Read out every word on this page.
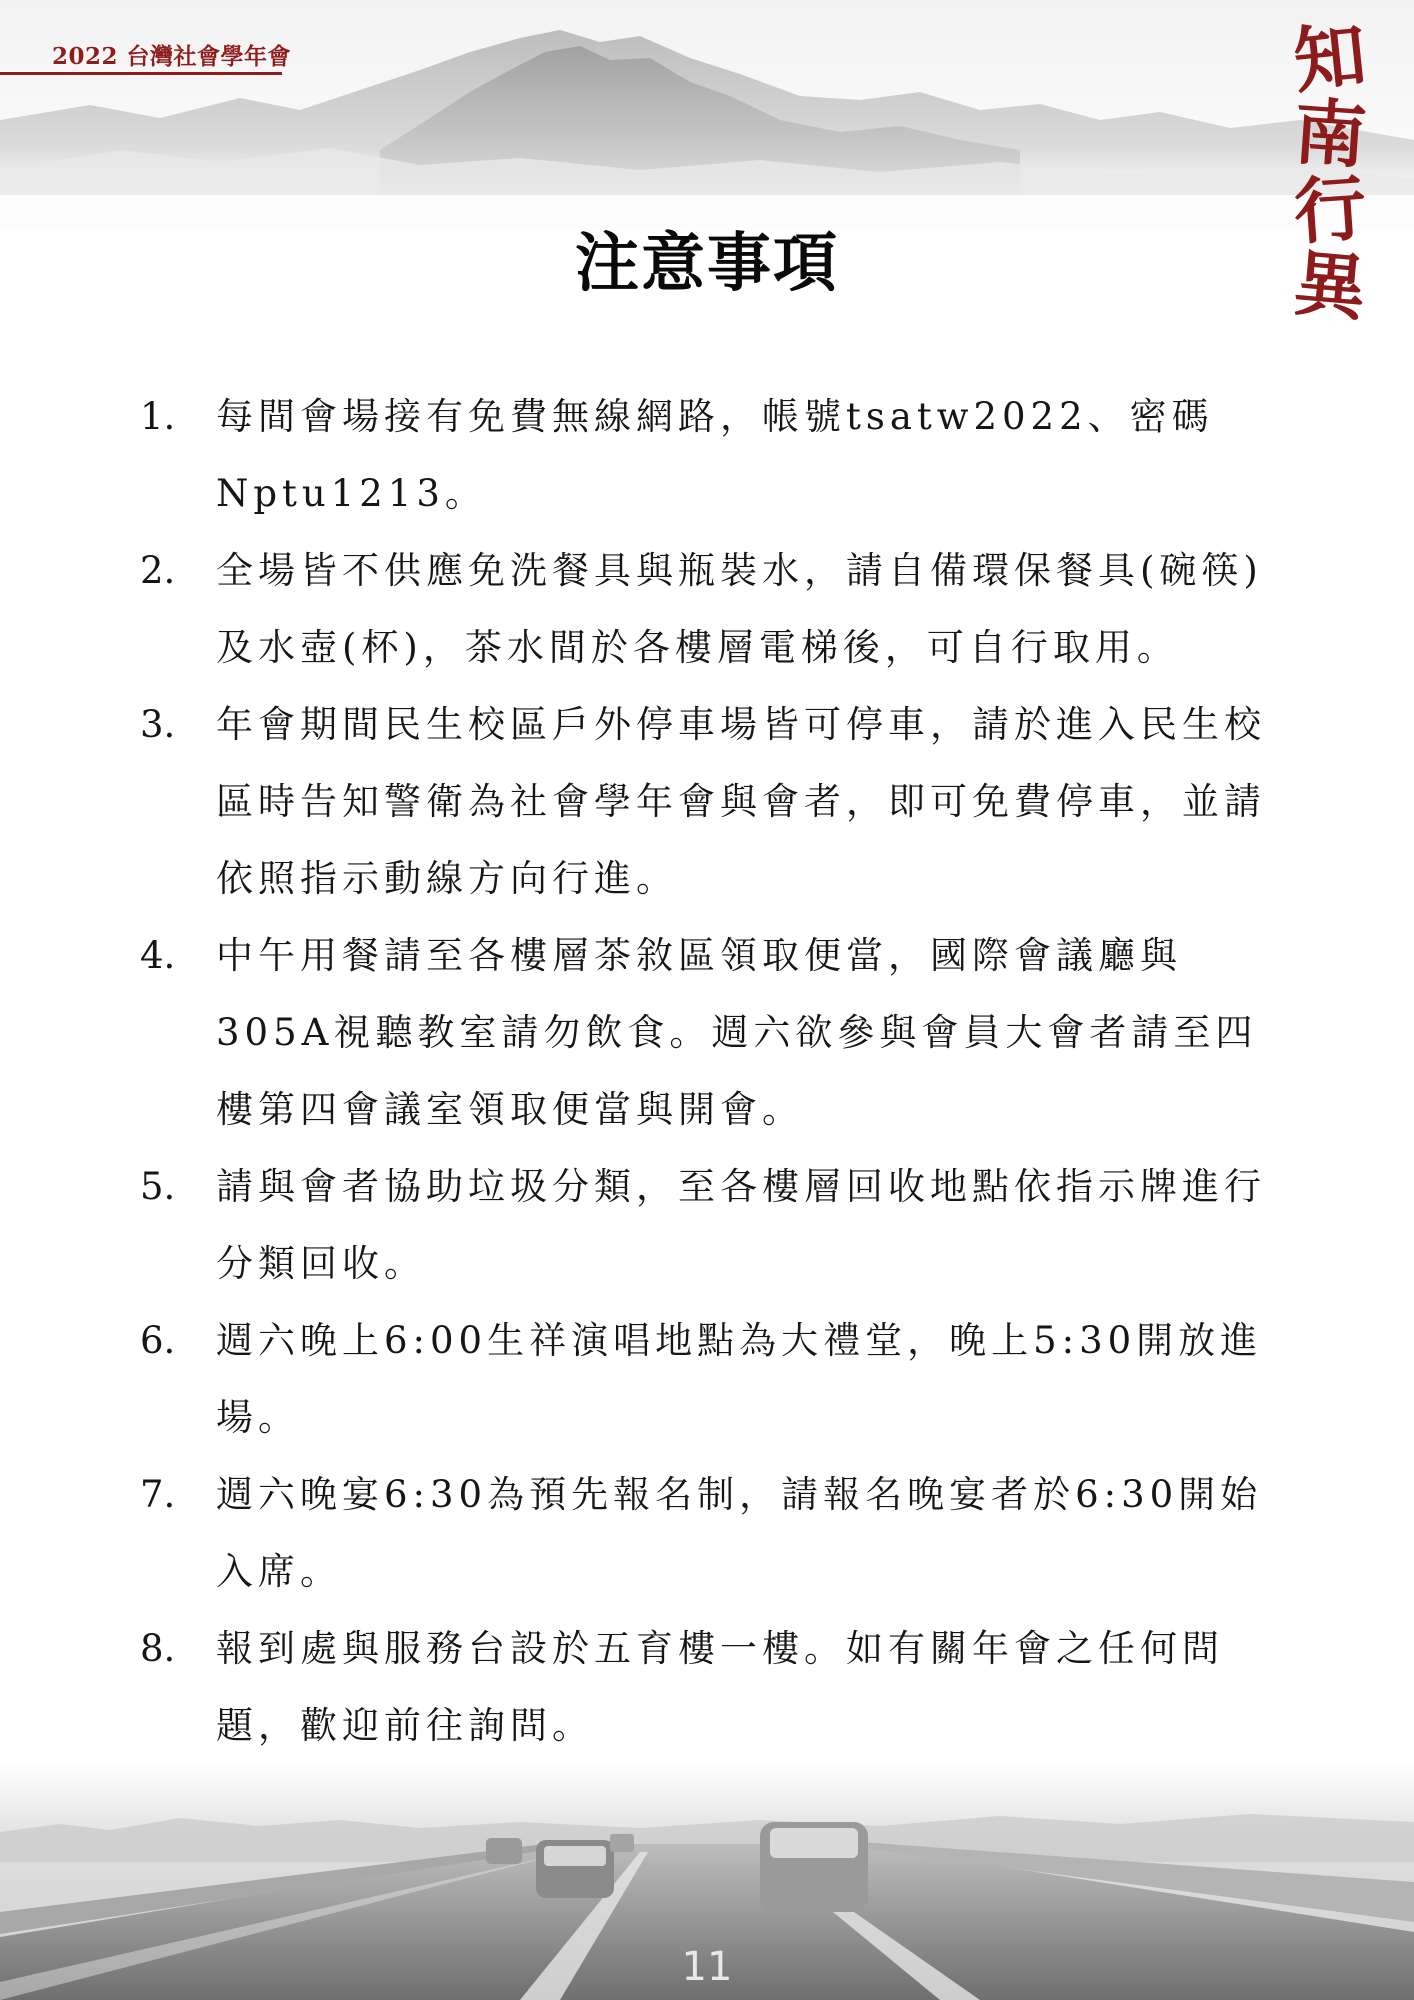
2022 台灣社會學年會	知
南
行
異
注意事項
1.	每間會場接有免費無線網路，帳號tsatw2022、密碼Nptu1213。
2.	全場皆不供應免洗餐具與瓶裝水，請自備環保餐具(碗筷)及水壺(杯)，茶水間於各樓層電梯後，可自行取用。
3.	年會期間民生校區戶外停車場皆可停車，請於進入民生校區時告知警衛為社會學年會與會者，即可免費停車，並請依照指示動線方向行進。
4.	中午用餐請至各樓層茶敘區領取便當，國際會議廳與305A視聽教室請勿飲食。週六欲參與會員大會者請至四樓第四會議室領取便當與開會。
5.	請與會者協助垃圾分類，至各樓層回收地點依指示牌進行分類回收。
6.	週六晚上6:00生祥演唱地點為大禮堂，晚上5:30開放進場。
7.	週六晚宴6:30為預先報名制，請報名晚宴者於6:30開始入席。
8.	報到處與服務台設於五育樓一樓。如有關年會之任何問題，歡迎前往詢問。
11
